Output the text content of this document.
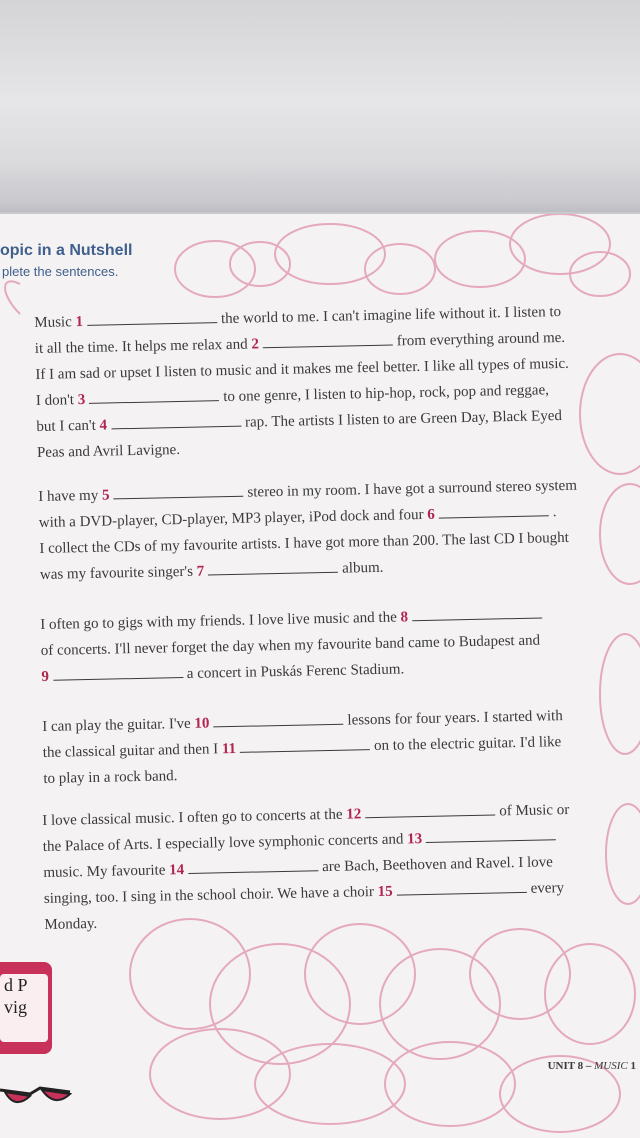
opic in a Nutshell
plete the sentences.
Music 1	the world to me. I can't imagine life without it. I listen to
it all the time. It helps me relax and 2	from everything around me.
If I am sad or upset I listen to music and it makes me feel better. I like all types of music.
I don't 3	to one genre, I listen to hip-hop, rock, pop and reggae,
but I can't 4	rap. The artists I listen to are Green Day, Black Eyed
Peas and Avril Lavigne.
I have my 5	stereo in my room. I have got a surround stereo system
with a DVD-player, CD-player, MP3 player, iPod dock and four 6	.
I collect the CDs of my favourite artists. I have got more than 200. The last CD I bought
was my favourite singer's 7	album.
I often go to gigs with my friends. I love live music and the 8
of concerts. I'll never forget the day when my favourite band came to Budapest and
9	a concert in Puskás Ferenc Stadium.
I can play the guitar. I've 10	lessons for four years. I started with
the classical guitar and then I 11	on to the electric guitar. I'd like
to play in a rock band.
I love classical music. I often go to concerts at the 12	of Music or
the Palace of Arts. I especially love symphonic concerts and 13
music. My favourite 14	are Bach, Beethoven and Ravel. I love
singing, too. I sing in the school choir. We have a choir 15	every
Monday.
d P
vig
UNIT 8 – MUSIC 1
